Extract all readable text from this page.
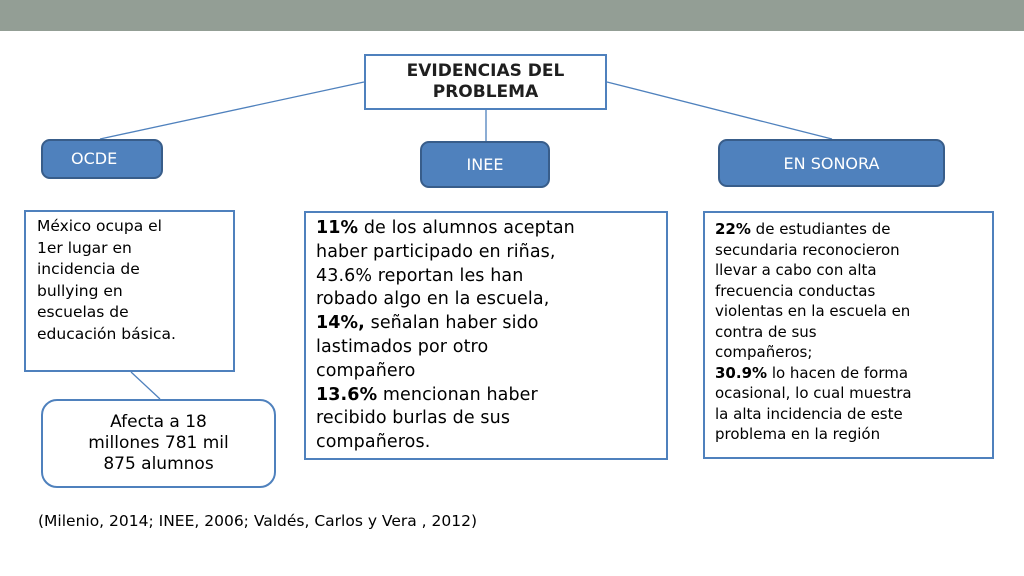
EVIDENCIAS DEL
PROBLEMA
OCDE	INEE	EN SONORA
México ocupa el
1er lugar en
incidencia de
bullying en
escuelas de
educación básica.
Afecta a 18
millones 781 mil
875 alumnos
11% de los alumnos aceptan
haber participado en riñas,
43.6% reportan les han
robado algo en la escuela,
14%, señalan haber sido
lastimados por otro
compañero
13.6% mencionan haber
recibido burlas de sus
compañeros.
22% de estudiantes de
secundaria reconocieron
llevar a cabo con alta
frecuencia conductas
violentas en la escuela en
contra de sus
compañeros;
30.9% lo hacen de forma
ocasional, lo cual muestra
la alta incidencia de este
problema en la región
(Milenio, 2014; INEE, 2006; Valdés, Carlos y Vera , 2012)
